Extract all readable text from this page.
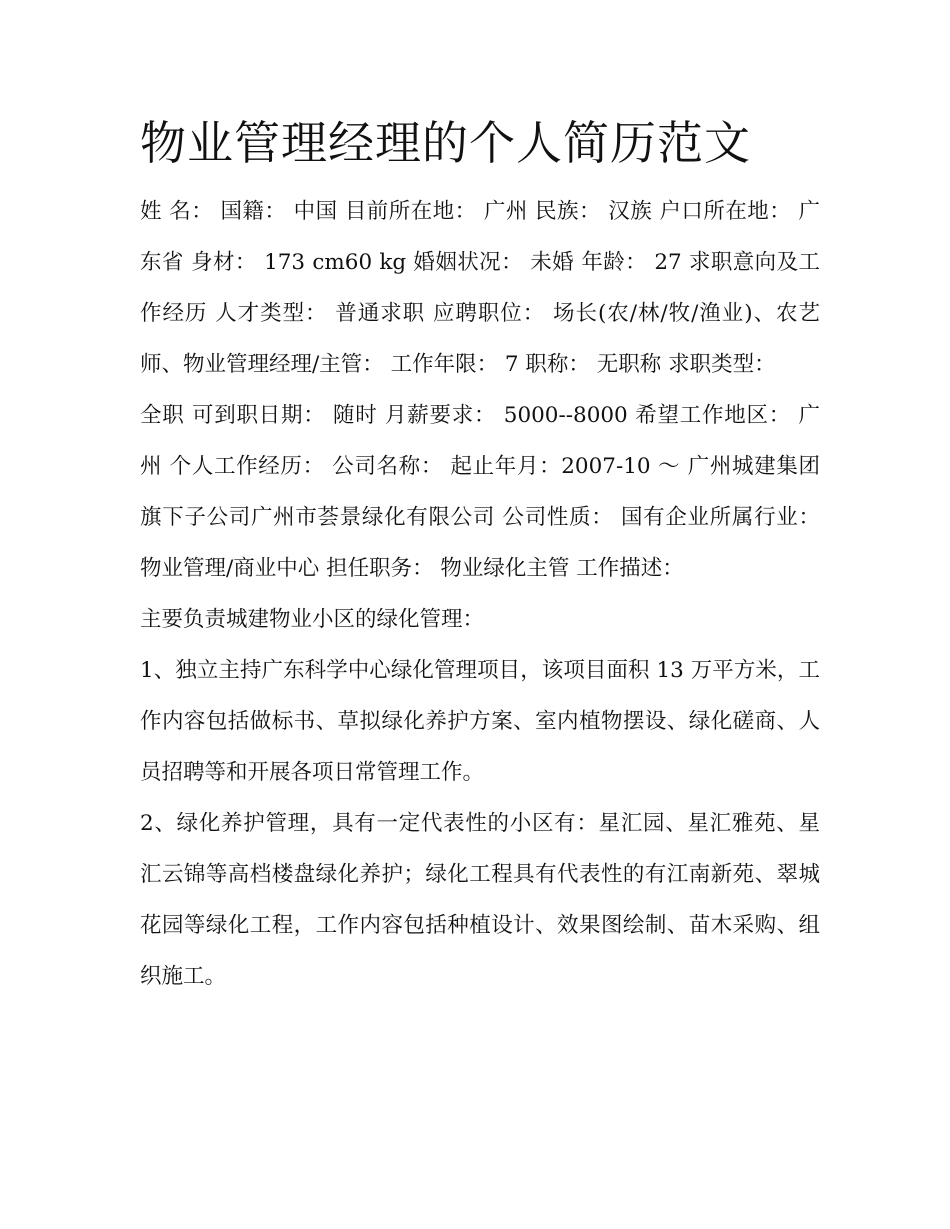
物业管理经理的个人简历范文

姓 名： 国籍： 中国 目前所在地： 广州 民族： 汉族 户口所在地： 广东省 身材： 173 cm60 kg 婚姻状况： 未婚 年龄： 27 求职意向及工作经历 人才类型： 普通求职 应聘职位： 场长(农/林/牧/渔业)、农艺师、物业管理经理/主管： 工作年限： 7 职称： 无职称 求职类型：

全职 可到职日期： 随时 月薪要求： 5000--8000 希望工作地区： 广州 个人工作经历： 公司名称： 起止年月：2007-10 ～ 广州城建集团旗下子公司广州市荟景绿化有限公司 公司性质： 国有企业所属行业：物业管理/商业中心 担任职务： 物业绿化主管 工作描述：

主要负责城建物业小区的绿化管理：

1、独立主持广东科学中心绿化管理项目，该项目面积 13 万平方米，工作内容包括做标书、草拟绿化养护方案、室内植物摆设、绿化磋商、人员招聘等和开展各项日常管理工作。

2、绿化养护管理，具有一定代表性的小区有：星汇园、星汇雅苑、星汇云锦等高档楼盘绿化养护；绿化工程具有代表性的有江南新苑、翠城花园等绿化工程，工作内容包括种植设计、效果图绘制、苗木采购、组织施工。
